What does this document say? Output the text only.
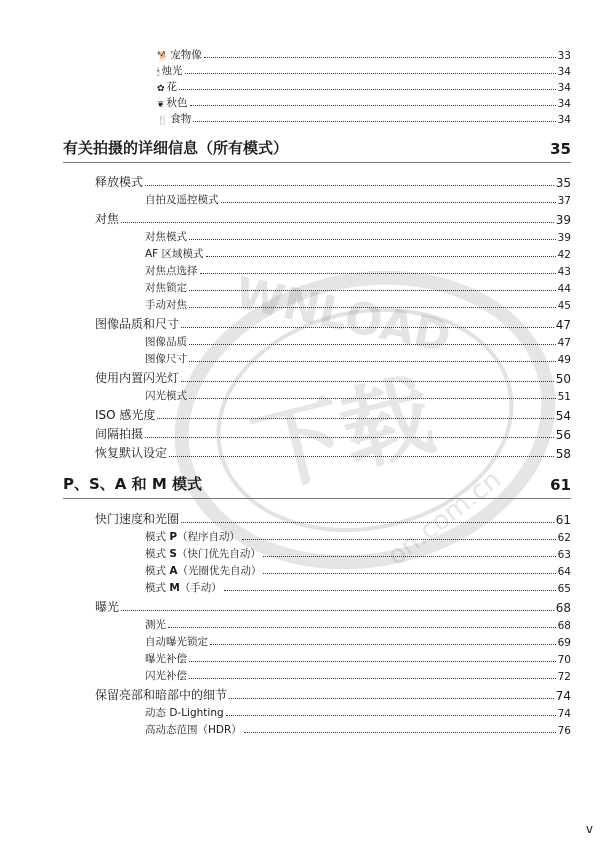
WNLOAD
下载
on.com.cn
🐕 宠物像	33
🕯 烛光	34
✿ 花	34
❦ 秋色	34
🍴 食物	34
有关拍摄的详细信息（所有模式）	35
释放模式	35
自拍及遥控模式	37
对焦	39
对焦模式	39
AF 区域模式	42
对焦点选择	43
对焦锁定	44
手动对焦	45
图像品质和尺寸	47
图像品质	47
图像尺寸	49
使用内置闪光灯	50
闪光模式	51
ISO 感光度	54
间隔拍摄	56
恢复默认设定	58
P、S、A 和 M 模式	61
快门速度和光圈	61
模式 P（程序自动）	62
模式 S（快门优先自动）	63
模式 A（光圈优先自动）	64
模式 M（手动）	65
曝光	68
测光	68
自动曝光锁定	69
曝光补偿	70
闪光补偿	72
保留亮部和暗部中的细节	74
动态 D-Lighting	74
高动态范围（HDR）	76
v
